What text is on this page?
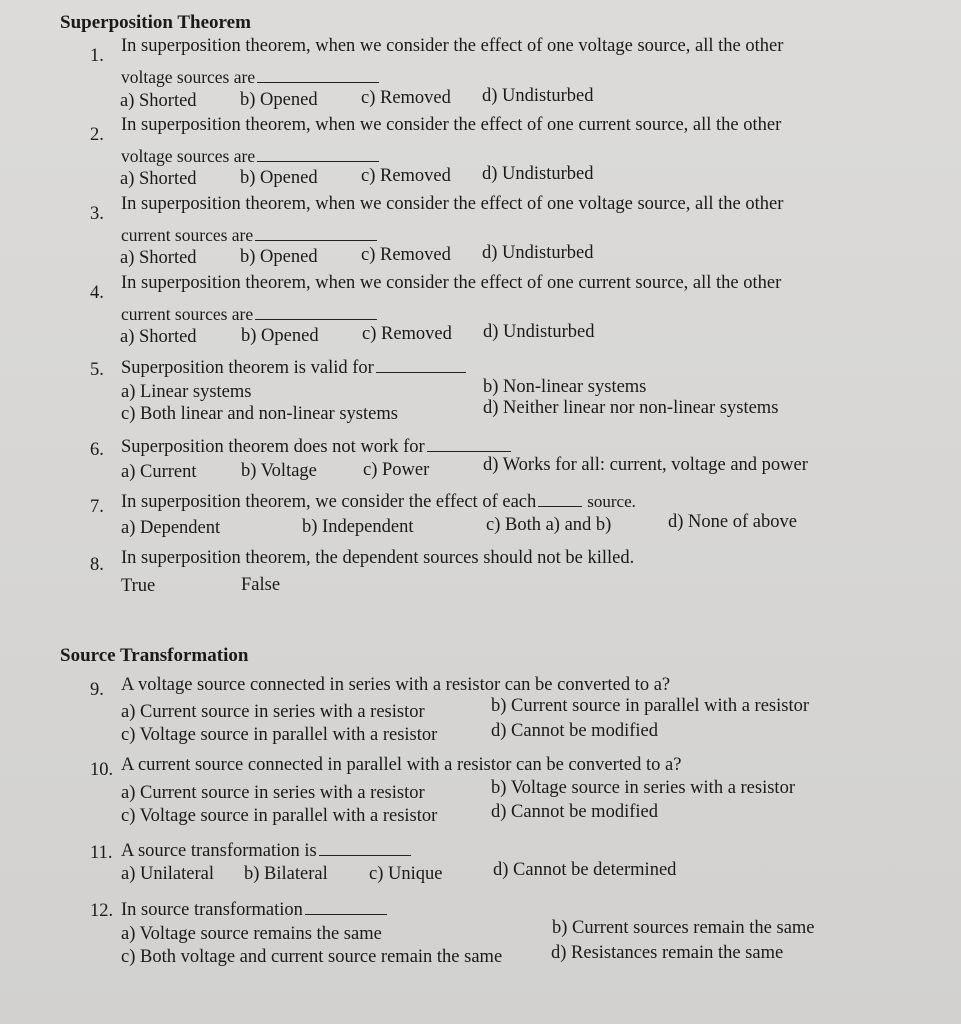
Superposition Theorem
1. In superposition theorem, when we consider the effect of one voltage source, all the other
voltage sources are
a) Shorted b) Opened c) Removed d) Undisturbed
2. In superposition theorem, when we consider the effect of one current source, all the other
voltage sources are
a) Shorted b) Opened c) Removed d) Undisturbed
3. In superposition theorem, when we consider the effect of one voltage source, all the other
current sources are
a) Shorted b) Opened c) Removed d) Undisturbed
4. In superposition theorem, when we consider the effect of one current source, all the other
current sources are
a) Shorted b) Opened c) Removed d) Undisturbed
5. Superposition theorem is valid for
a) Linear systems	b) Non-linear systems
c) Both linear and non-linear systems	d) Neither linear nor non-linear systems
6. Superposition theorem does not work for
a) Current b) Voltage c) Power	d) Works for all: current, voltage and power
7. In superposition theorem, we consider the effect of each	source.
a) Dependent	b) Independent	c) Both a) and b)	d) None of above
8. In superposition theorem, the dependent sources should not be killed.
True	False
Source Transformation
9. A voltage source connected in series with a resistor can be converted to a?
a) Current source in series with a resistor	b) Current source in parallel with a resistor
c) Voltage source in parallel with a resistor	d) Cannot be modified
10. A current source connected in parallel with a resistor can be converted to a?
a) Current source in series with a resistor	b) Voltage source in series with a resistor
c) Voltage source in parallel with a resistor	d) Cannot be modified
11. A source transformation is
a) Unilateral b) Bilateral c) Unique	d) Cannot be determined
12. In source transformation
a) Voltage source remains the same	b) Current sources remain the same
c) Both voltage and current source remain the same	d) Resistances remain the same
